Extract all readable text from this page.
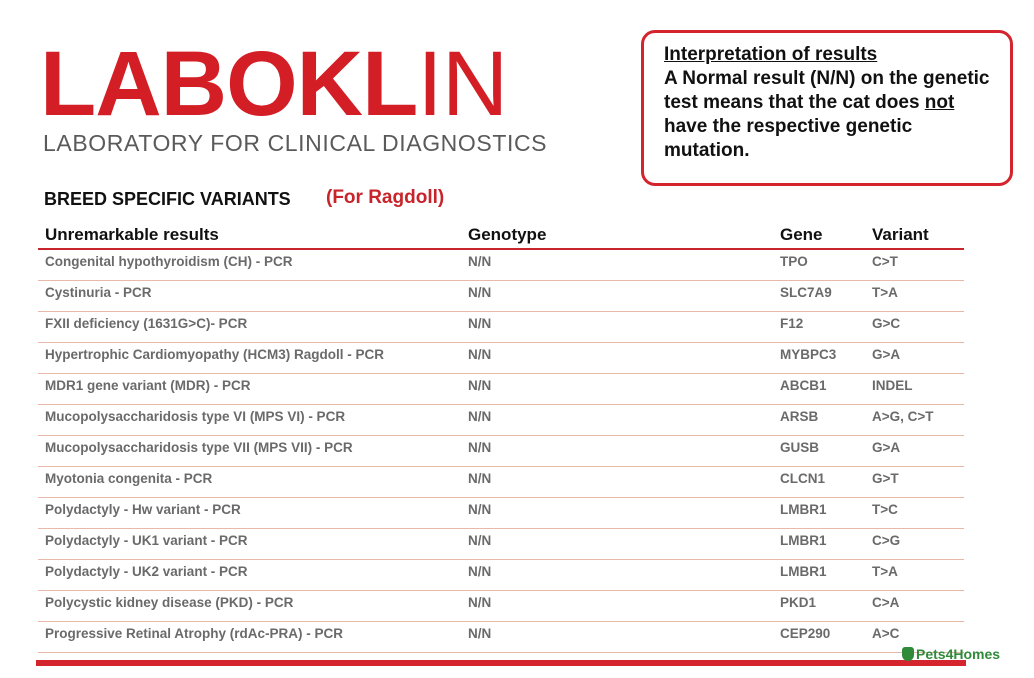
LABOKLIN
LABORATORY FOR CLINICAL DIAGNOSTICS
Interpretation of results
A Normal result (N/N) on the genetic test means that the cat does not have the respective genetic mutation.
BREED SPECIFIC VARIANTS (For Ragdoll)
Unremarkable results	Genotype	Gene	Variant
Congenital hypothyroidism (CH) - PCR	N/N	TPO	C>T
Cystinuria - PCR	N/N	SLC7A9	T>A
FXII deficiency (1631G>C)- PCR	N/N	F12	G>C
Hypertrophic Cardiomyopathy (HCM3) Ragdoll - PCR	N/N	MYBPC3	G>A
MDR1 gene variant (MDR) - PCR	N/N	ABCB1	INDEL
Mucopolysaccharidosis type VI (MPS VI) - PCR	N/N	ARSB	A>G, C>T
Mucopolysaccharidosis type VII (MPS VII) - PCR	N/N	GUSB	G>A
Myotonia congenita - PCR	N/N	CLCN1	G>T
Polydactyly - Hw variant - PCR	N/N	LMBR1	T>C
Polydactyly - UK1 variant - PCR	N/N	LMBR1	C>G
Polydactyly - UK2 variant - PCR	N/N	LMBR1	T>A
Polycystic kidney disease (PKD) - PCR	N/N	PKD1	C>A
Progressive Retinal Atrophy (rdAc-PRA) - PCR	N/N	CEP290	A>C
Pets4Homes
